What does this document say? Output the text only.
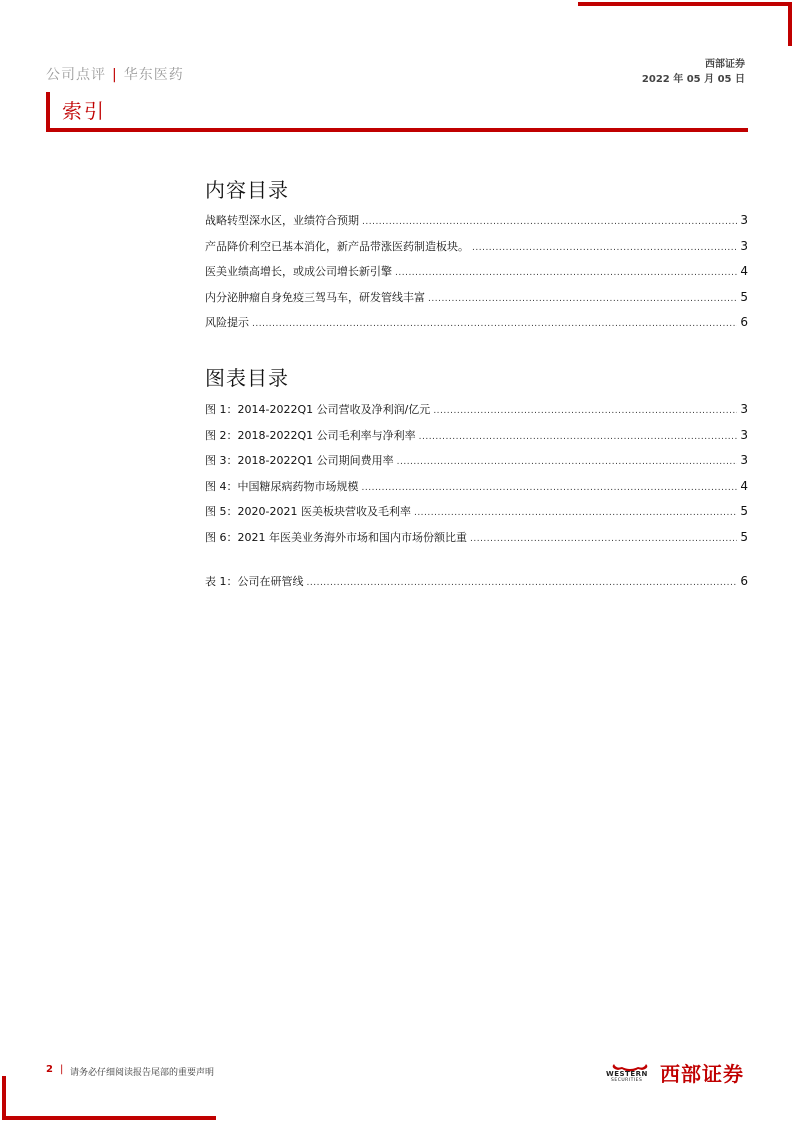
公司点评 | 华东医药
西部证券
2022 年 05 月 05 日
索引
内容目录
战略转型深水区，业绩符合预期 .....	3
产品降价利空已基本消化，新产品带涨医药制造板块。 .....	3
医美业绩高增长，或成公司增长新引擎 .....	4
内分泌肿瘤自身免疫三驾马车，研发管线丰富 .....	5
风险提示 .....	6
图表目录
图 1：2014-2022Q1 公司营收及净利润/亿元 .....	3
图 2：2018-2022Q1 公司毛利率与净利率 .....	3
图 3：2018-2022Q1 公司期间费用率 .....	3
图 4：中国糖尿病药物市场规模 .....	4
图 5：2020-2021 医美板块营收及毛利率 .....	5
图 6：2021 年医美业务海外市场和国内市场份额比重 .....	5
表 1：公司在研管线 .....	6
2 | 请务必仔细阅读报告尾部的重要声明	WESTERN
SECURITIES 西部证券
